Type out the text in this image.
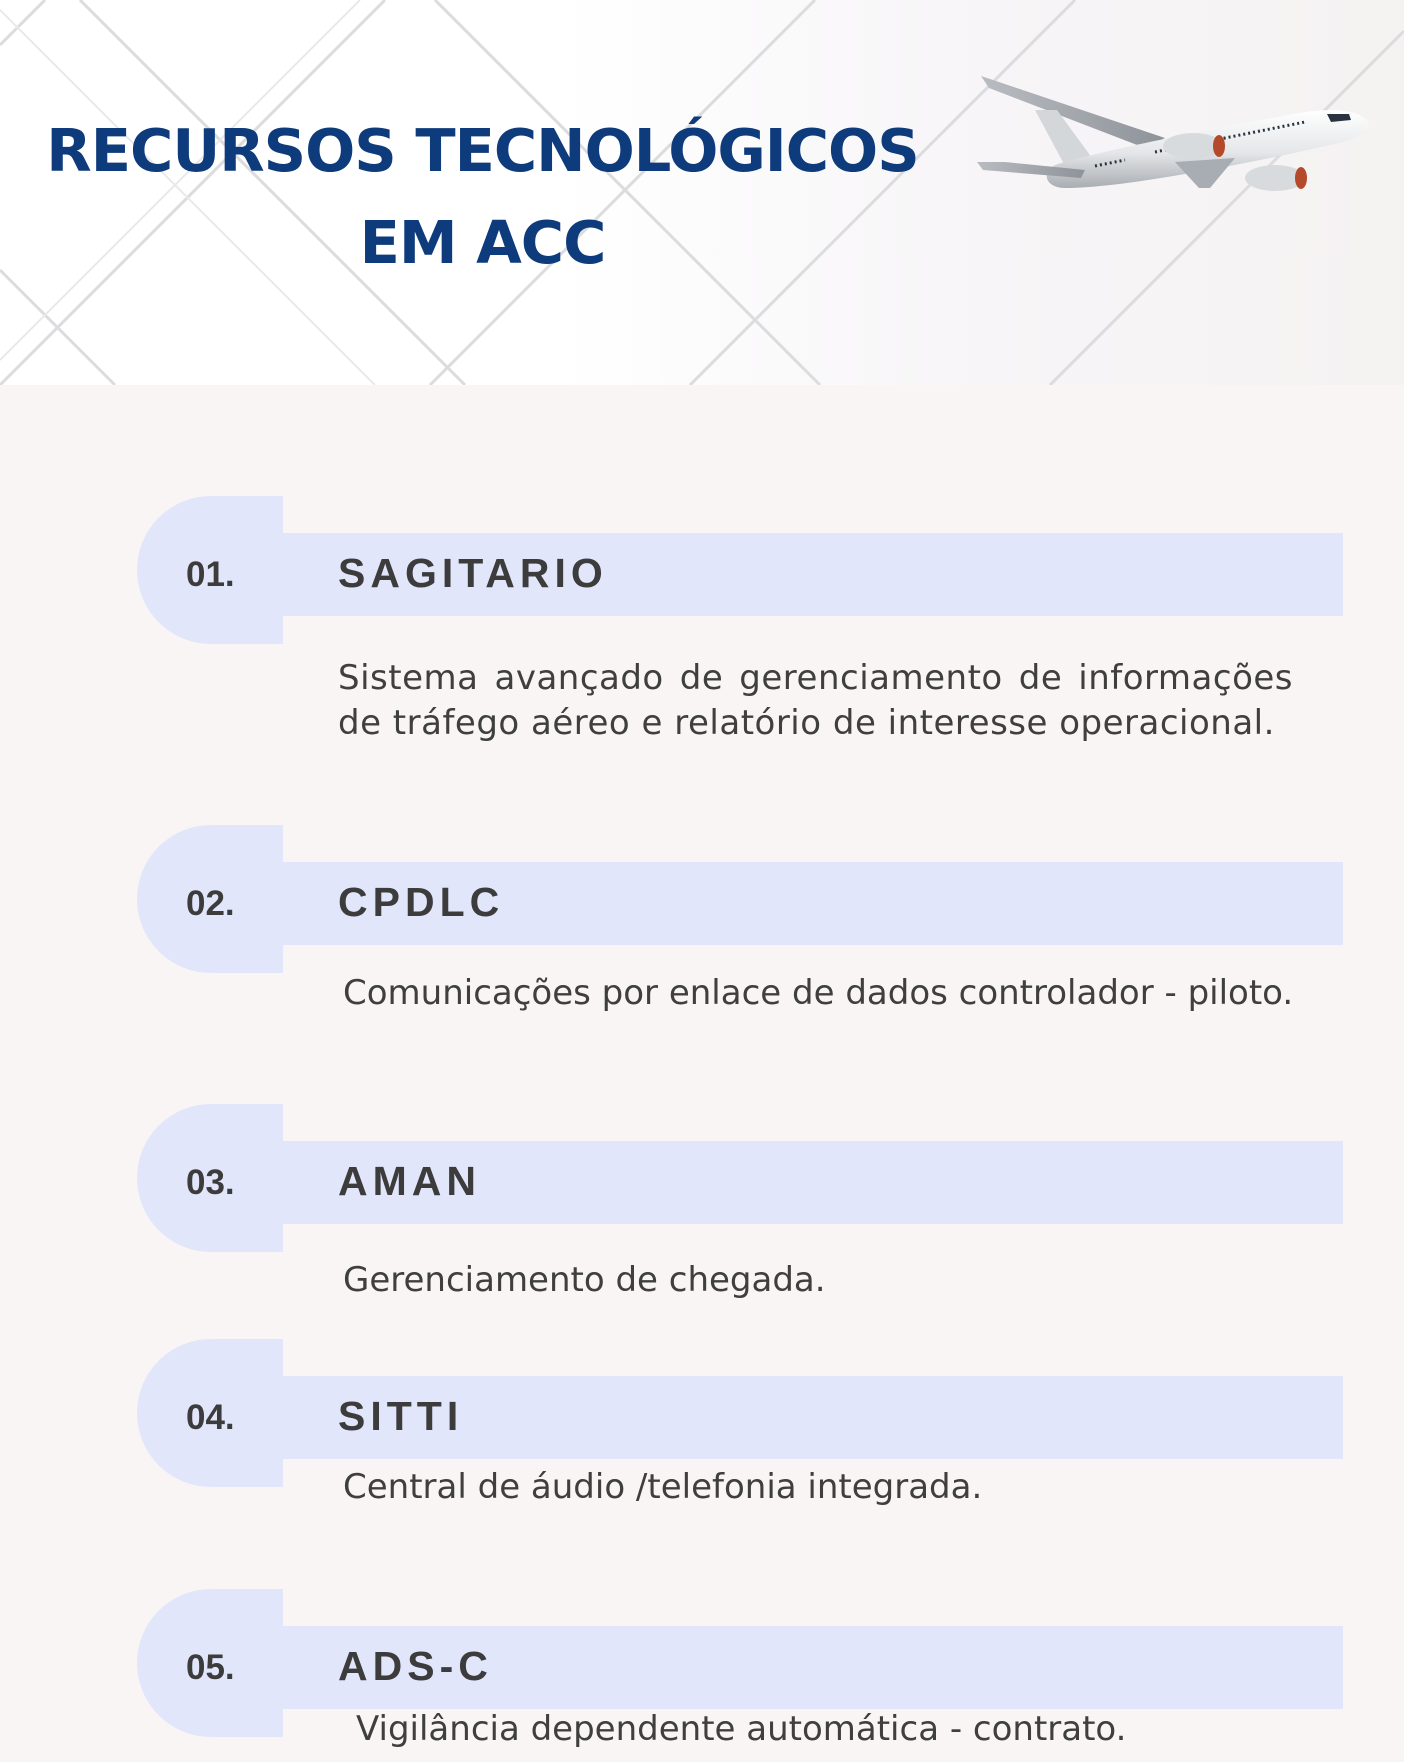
RECURSOS TECNOLÓGICOS
EM ACC
01.	SAGITARIO

Sistema avançado de gerenciamento de informações de tráfego aéreo e relatório de interesse operacional.

02.	CPDLC

Comunicações por enlace de dados controlador - piloto.

03.	AMAN

Gerenciamento de chegada.

04.	SITTI

Central de áudio /telefonia integrada.

05.	ADS-C

Vigilância dependente automática - contrato.
